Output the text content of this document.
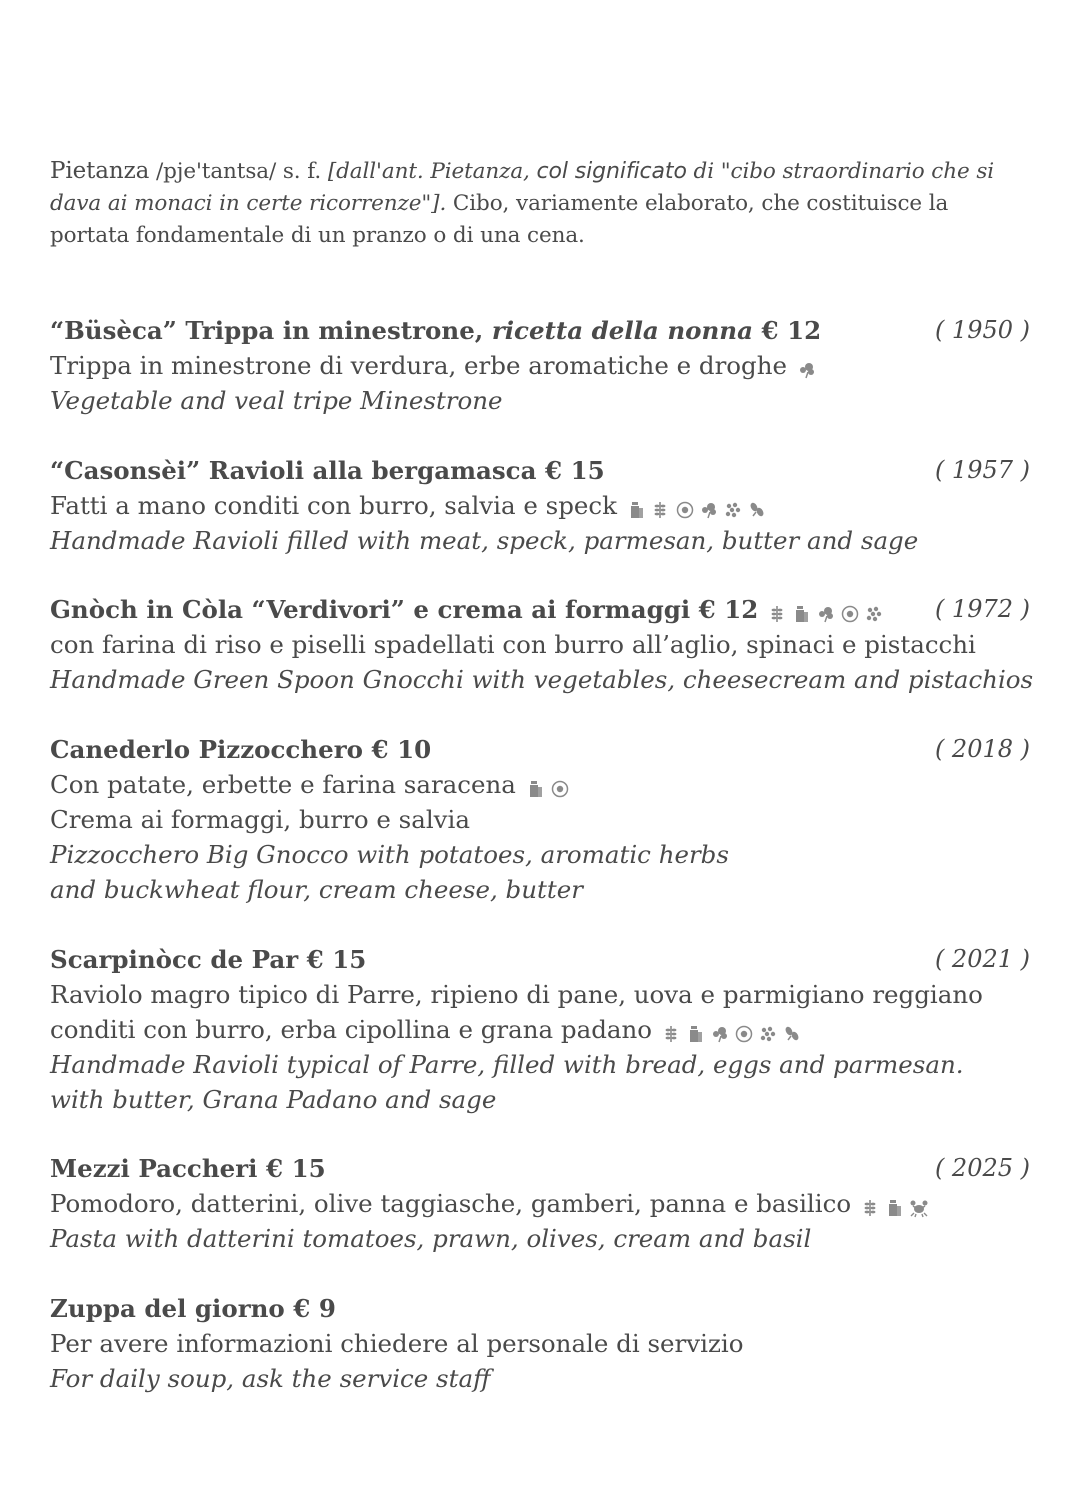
Pietanza /pje'tantsa/ s. f. [dall'ant. Pietanza, col significato di "cibo straordinario che si dava ai monaci in certe ricorrenze"]. Cibo, variamente elaborato, che costituisce la portata fondamentale di un pranzo o di una cena.

“Büsèca” Trippa in minestrone, ricetta della nonna € 12	( 1950 )
Trippa in minestrone di verdura, erbe aromatiche e droghe
Vegetable and veal tripe Minestrone
“Casonsèi” Ravioli alla bergamasca € 15	( 1957 )
Fatti a mano conditi con burro, salvia e speck
Handmade Ravioli filled with meat, speck, parmesan, butter and sage
Gnòch in Còla “Verdivori” e crema ai formaggi € 12	( 1972 )
con farina di riso e piselli spadellati con burro all’aglio, spinaci e pistacchi
Handmade Green Spoon Gnocchi with vegetables, cheesecream and pistachios
Canederlo Pizzocchero € 10	( 2018 )
Con patate, erbette e farina saracena
Crema ai formaggi, burro e salvia
Pizzocchero Big Gnocco with potatoes, aromatic herbs
and buckwheat flour, cream cheese, butter
Scarpinòcc de Par € 15	( 2021 )
Raviolo magro tipico di Parre, ripieno di pane, uova e parmigiano reggiano
conditi con burro, erba cipollina e grana padano
Handmade Ravioli typical of Parre, filled with bread, eggs and parmesan.
with butter, Grana Padano and sage
Mezzi Paccheri € 15	( 2025 )
Pomodoro, datterini, olive taggiasche, gamberi, panna e basilico
Pasta with datterini tomatoes, prawn, olives, cream and basil
Zuppa del giorno € 9
Per avere informazioni chiedere al personale di servizio
For daily soup, ask the service staff
